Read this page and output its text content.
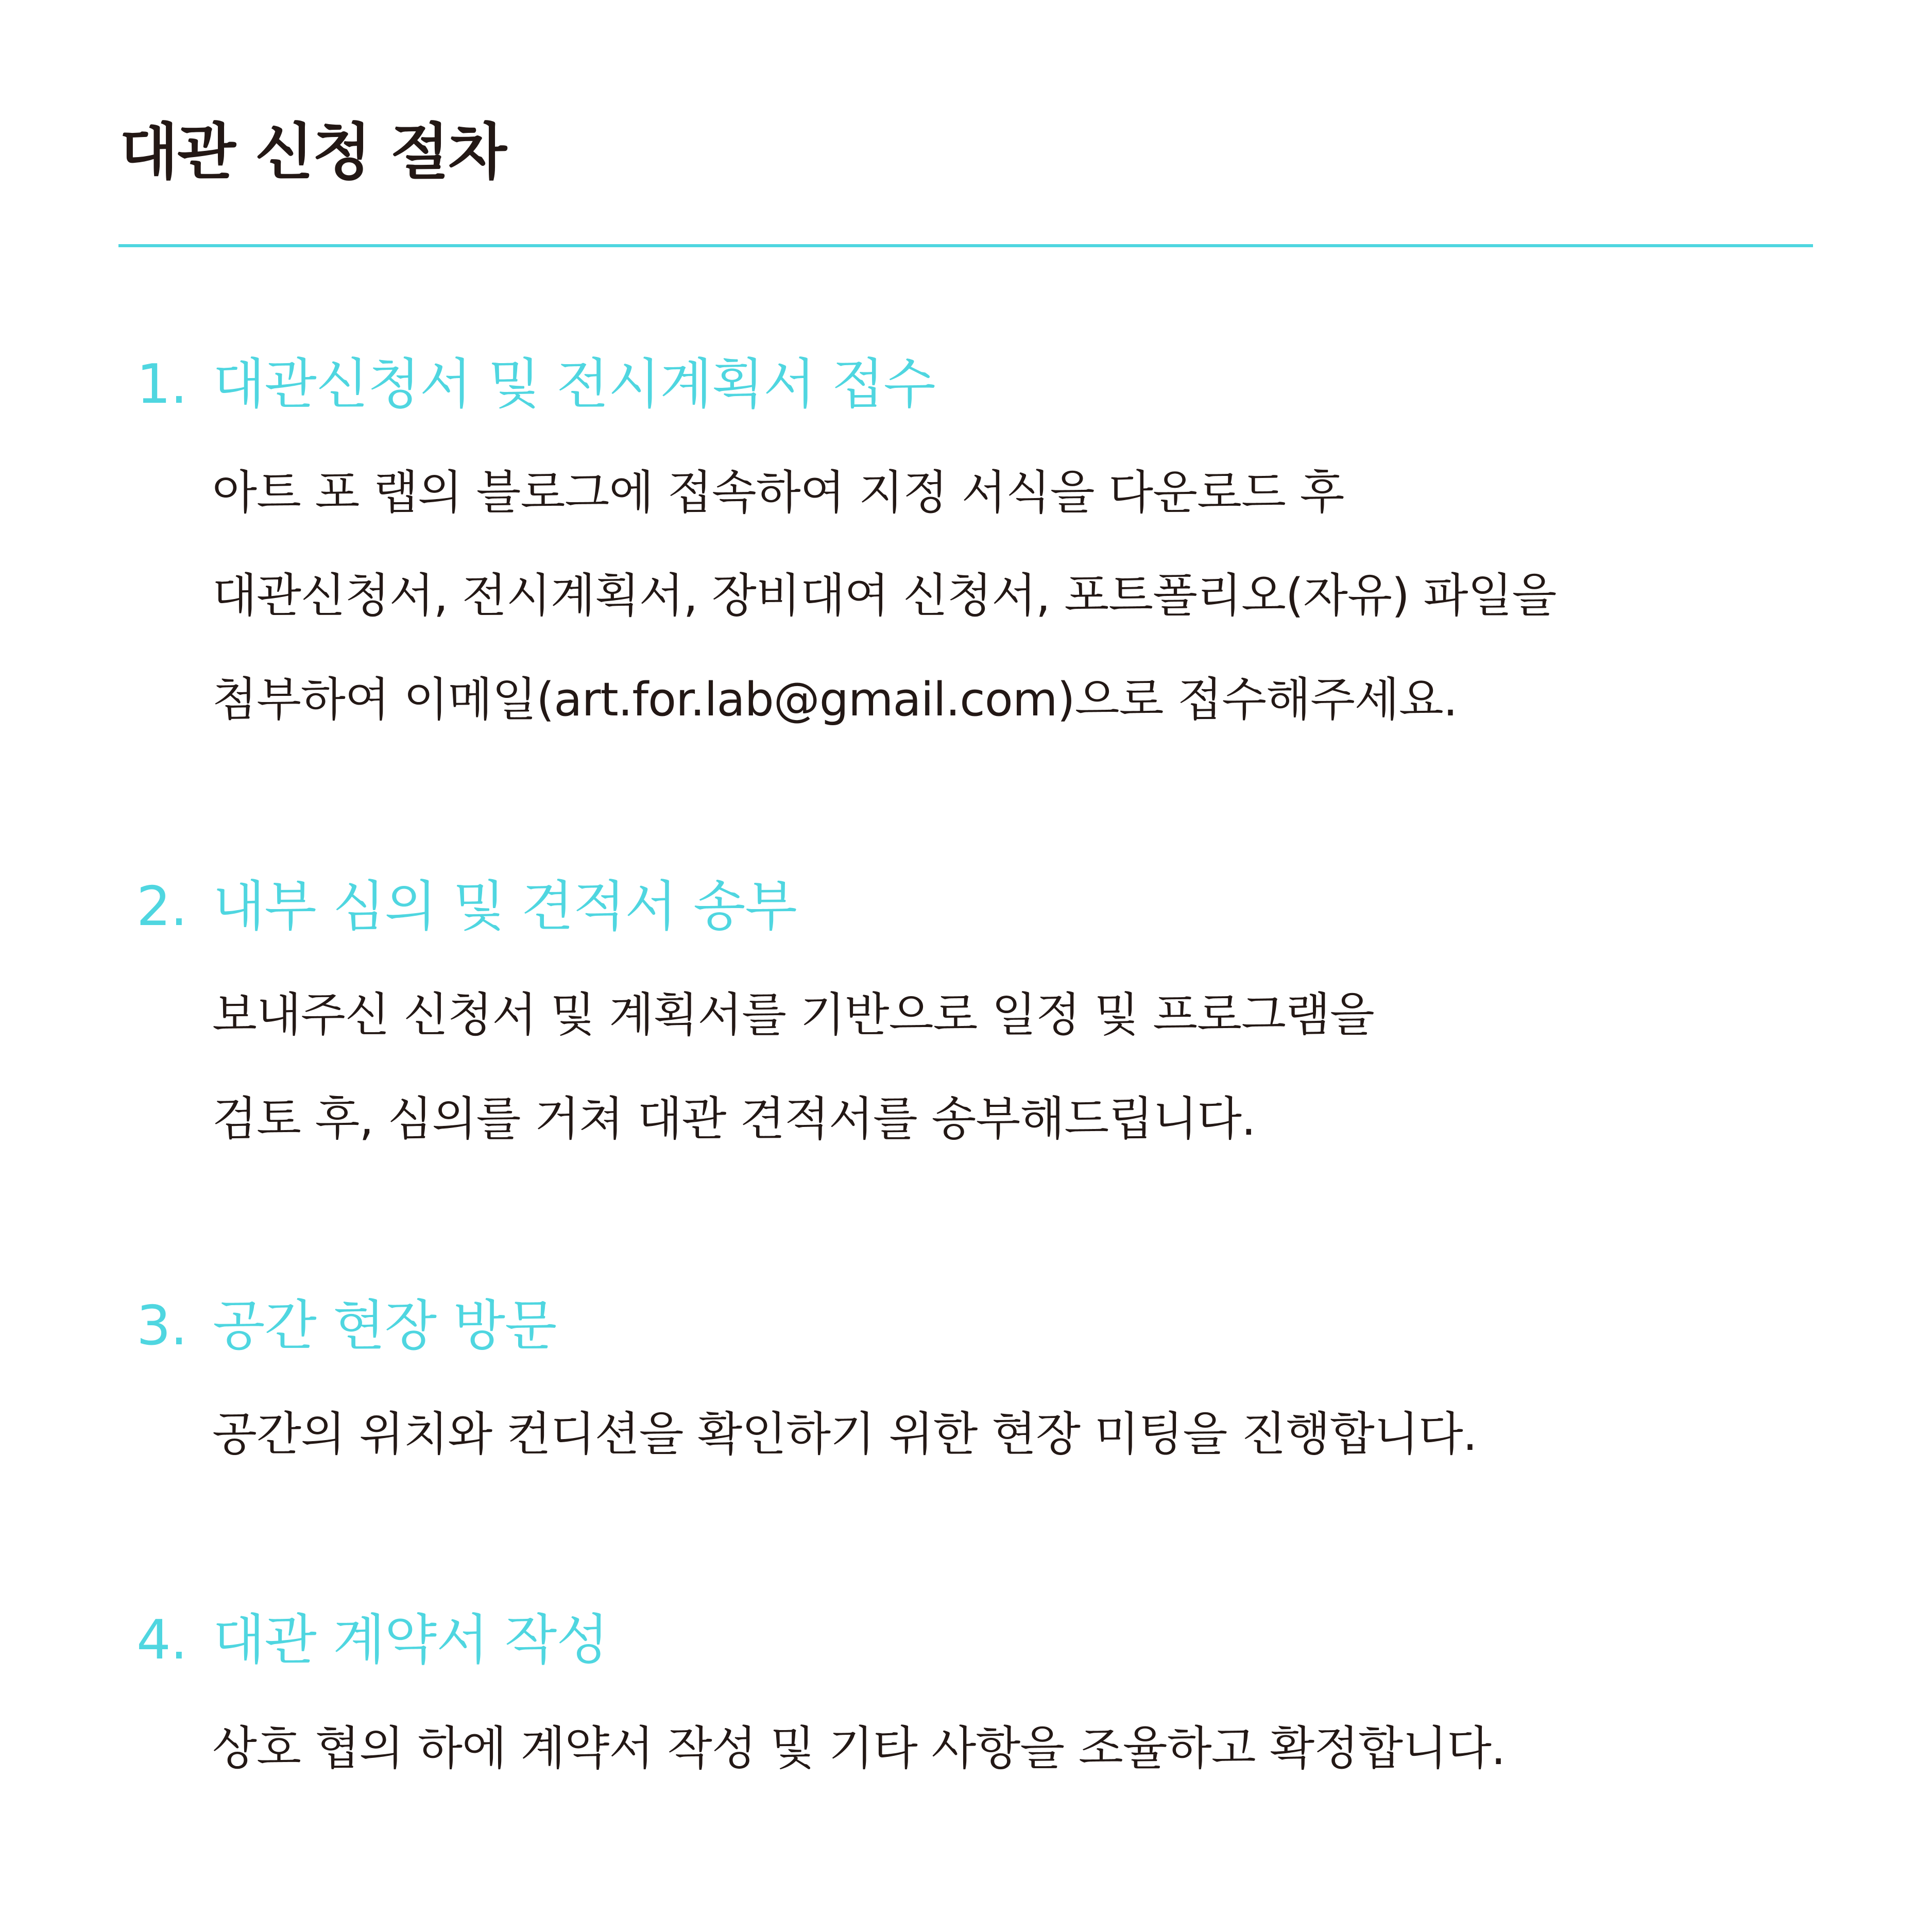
대관 신청 절차
1. 대관신청서 및 전시계획서 접수
아트 포 랩의 블로그에 접속하여 지정 서식을 다운로드 후
대관신청서, 전시계획서, 장비대여 신청서, 포트폴리오(자유) 파일을
첨부하여 이메일(art.for.lab@gmail.com)으로 접수해주세요.
2. 내부 심의 및 견적서 송부
보내주신 신청서 및 계획서를 기반으로 일정 및 프로그램을
검토 후, 심의를 거쳐 대관 견적서를 송부해드립니다.
3. 공간 현장 방문
공간의 위치와 컨디션을 확인하기 위한 현장 미팅을 진행합니다.
4. 대관 계약서 작성
상호 협의 하에 계약서 작성 및 기타 사항을 조율하고 확정합니다.
